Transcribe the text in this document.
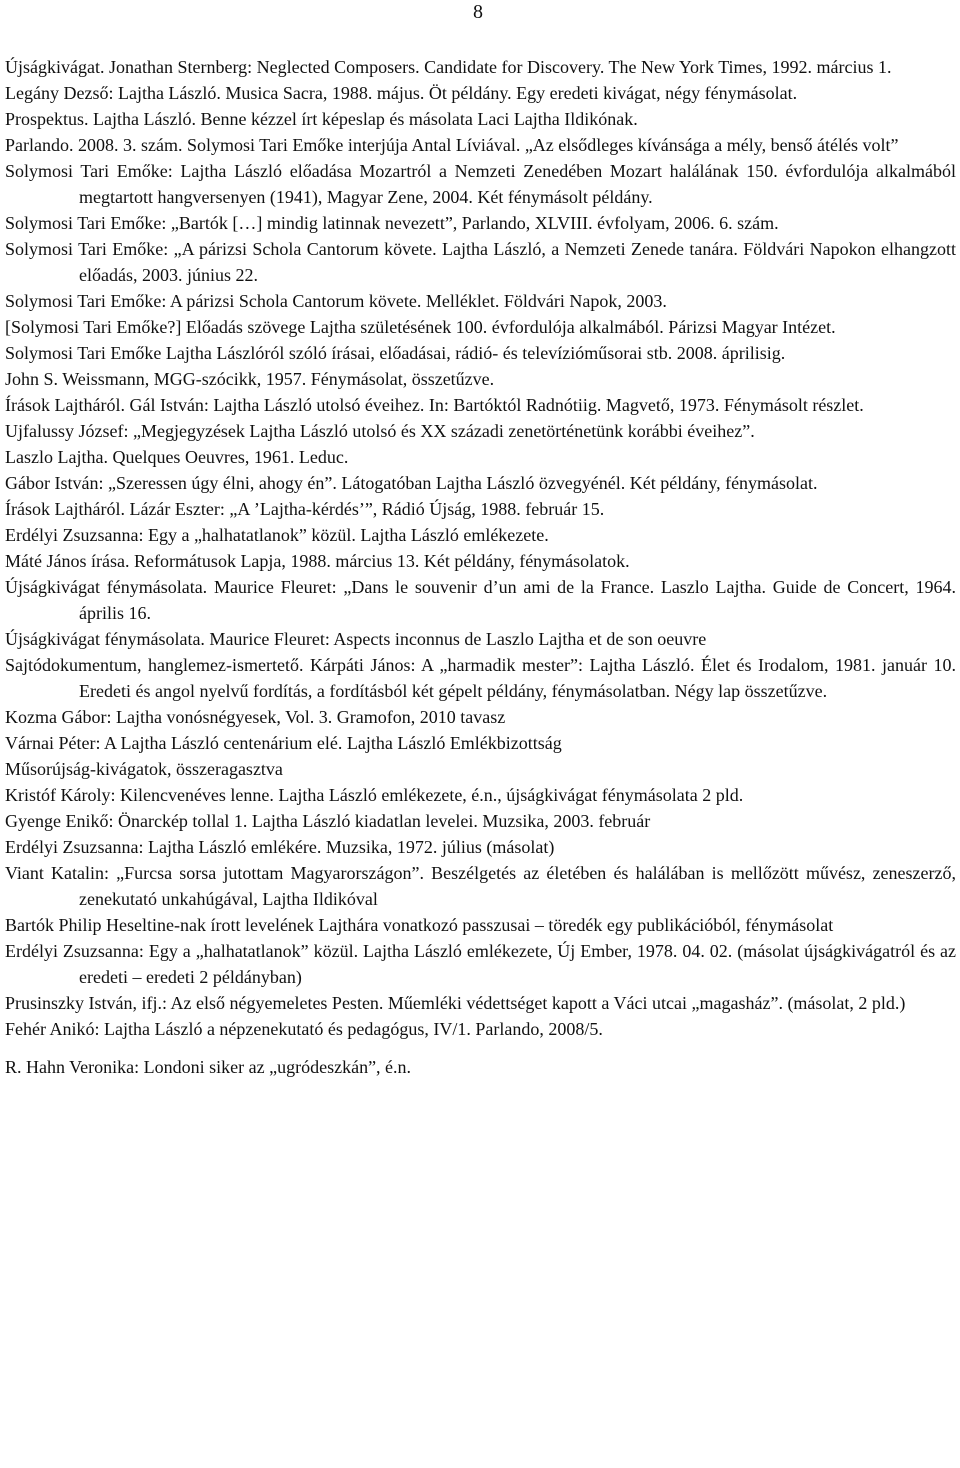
8
Újságkivágat. Jonathan Sternberg: Neglected Composers. Candidate for Discovery. The New York Times, 1992. március 1.
Legány Dezső: Lajtha László. Musica Sacra, 1988. május. Öt példány. Egy eredeti kivágat, négy fénymásolat.
Prospektus. Lajtha László. Benne kézzel írt képeslap és másolata Laci Lajtha Ildikónak.
Parlando. 2008. 3. szám. Solymosi Tari Emőke interjúja Antal Líviával. „Az elsődleges kívánsága a mély, benső átélés volt”
Solymosi Tari Emőke: Lajtha László előadása Mozartról a Nemzeti Zenedében Mozart halálának 150. évfordulója alkalmából megtartott hangversenyen (1941), Magyar Zene, 2004. Két fénymásolt példány.
Solymosi Tari Emőke: „Bartók […] mindig latinnak nevezett”, Parlando, XLVIII. évfolyam, 2006. 6. szám.
Solymosi Tari Emőke: „A párizsi Schola Cantorum követe. Lajtha László, a Nemzeti Zenede tanára. Földvári Napokon elhangzott előadás, 2003. június 22.
Solymosi Tari Emőke: A párizsi Schola Cantorum követe. Melléklet. Földvári Napok, 2003.
[Solymosi Tari Emőke?] Előadás szövege Lajtha születésének 100. évfordulója alkalmából. Párizsi Magyar Intézet.
Solymosi Tari Emőke Lajtha Lászlóról szóló írásai, előadásai, rádió- és televízióműsorai stb. 2008. áprilisig.
John S. Weissmann, MGG-szócikk, 1957. Fénymásolat, összetűzve.
Írások Lajtháról. Gál István: Lajtha László utolsó éveihez. In: Bartóktól Radnótiig. Magvető, 1973. Fénymásolt részlet.
Ujfalussy József: „Megjegyzések Lajtha László utolsó és XX századi zenetörténetünk korábbi éveihez”.
Laszlo Lajtha. Quelques Oeuvres, 1961. Leduc.
Gábor István: „Szeressen úgy élni, ahogy én”. Látogatóban Lajtha László özvegyénél. Két példány, fénymásolat.
Írások Lajtháról. Lázár Eszter: „A ’Lajtha-kérdés’”, Rádió Újság, 1988. február 15.
Erdélyi Zsuzsanna: Egy a „halhatatlanok” közül. Lajtha László emlékezete.
Máté János írása. Reformátusok Lapja, 1988. március 13. Két példány, fénymásolatok.
Újságkivágat fénymásolata. Maurice Fleuret: „Dans le souvenir d’un ami de la France. Laszlo Lajtha. Guide de Concert, 1964. április 16.
Újságkivágat fénymásolata. Maurice Fleuret: Aspects inconnus de Laszlo Lajtha et de son oeuvre
Sajtódokumentum, hanglemez-ismertető. Kárpáti János: A „harmadik mester”: Lajtha László. Élet és Irodalom, 1981. január 10. Eredeti és angol nyelvű fordítás, a fordításból két gépelt példány, fénymásolatban. Négy lap összetűzve.
Kozma Gábor: Lajtha vonósnégyesek, Vol. 3. Gramofon, 2010 tavasz
Várnai Péter: A Lajtha László centenárium elé. Lajtha László Emlékbizottság
Műsorújság-kivágatok, összeragasztva
Kristóf Károly: Kilencvenéves lenne. Lajtha László emlékezete, é.n., újságkivágat fénymásolata 2 pld.
Gyenge Enikő: Önarckép tollal 1. Lajtha László kiadatlan levelei. Muzsika, 2003. február
Erdélyi Zsuzsanna: Lajtha László emlékére. Muzsika, 1972. július (másolat)
Viant Katalin: „Furcsa sorsa jutottam Magyarországon”. Beszélgetés az életében és halálában is mellőzött művész, zeneszerző, zenekutató unkahúgával, Lajtha Ildikóval
Bartók Philip Heseltine-nak írott levelének Lajthára vonatkozó passzusai – töredék egy publikációból, fénymásolat
Erdélyi Zsuzsanna: Egy a „halhatatlanok” közül. Lajtha László emlékezete, Új Ember, 1978. 04. 02. (másolat újságkivágatról és az eredeti – eredeti 2 példányban)
Prusinszky István, ifj.: Az első négyemeletes Pesten. Műemléki védettséget kapott a Váci utcai „magasház”. (másolat, 2 pld.)
Fehér Anikó: Lajtha László a népzenekutató és pedagógus, IV/1. Parlando, 2008/5.
R. Hahn Veronika: Londoni siker az „ugródeszkán”, é.n.
